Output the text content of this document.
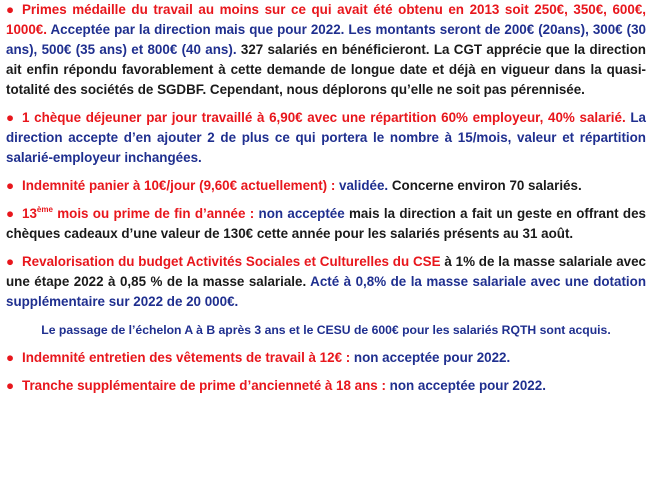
● Primes médaille du travail au moins sur ce qui avait été obtenu en 2013 soit 250€, 350€, 600€, 1000€. Acceptée par la direction mais que pour 2022. Les montants seront de 200€ (20ans), 300€ (30 ans), 500€ (35 ans) et 800€ (40 ans). 327 salariés en bénéficieront. La CGT apprécie que la direction ait enfin répondu favorablement à cette demande de longue date et déjà en vigueur dans la quasi-totalité des sociétés de SGDBF. Cependant, nous déplorons qu’elle ne soit pas pérennisée.
● 1 chèque déjeuner par jour travaillé à 6,90€ avec une répartition 60% employeur, 40% salarié. La direction accepte d’en ajouter 2 de plus ce qui portera le nombre à 15/mois, valeur et répartition salarié-employeur inchangées.
● Indemnité panier à 10€/jour (9,60€ actuellement) : validée. Concerne environ 70 salariés.
● 13ème mois ou prime de fin d’année : non acceptée mais la direction a fait un geste en offrant des chèques cadeaux d’une valeur de 130€ cette année pour les salariés présents au 31 août.
● Revalorisation du budget Activités Sociales et Culturelles du CSE à 1% de la masse salariale avec une étape 2022 à 0,85 % de la masse salariale. Acté à 0,8% de la masse salariale avec une dotation supplémentaire sur 2022 de 20 000€.
Le passage de l’échelon A à B après 3 ans et le CESU de 600€ pour les salariés RQTH sont acquis.
● Indemnité entretien des vêtements de travail à 12€ : non acceptée pour 2022.
● Tranche supplémentaire de prime d’ancienneté à 18 ans : non acceptée pour 2022.
